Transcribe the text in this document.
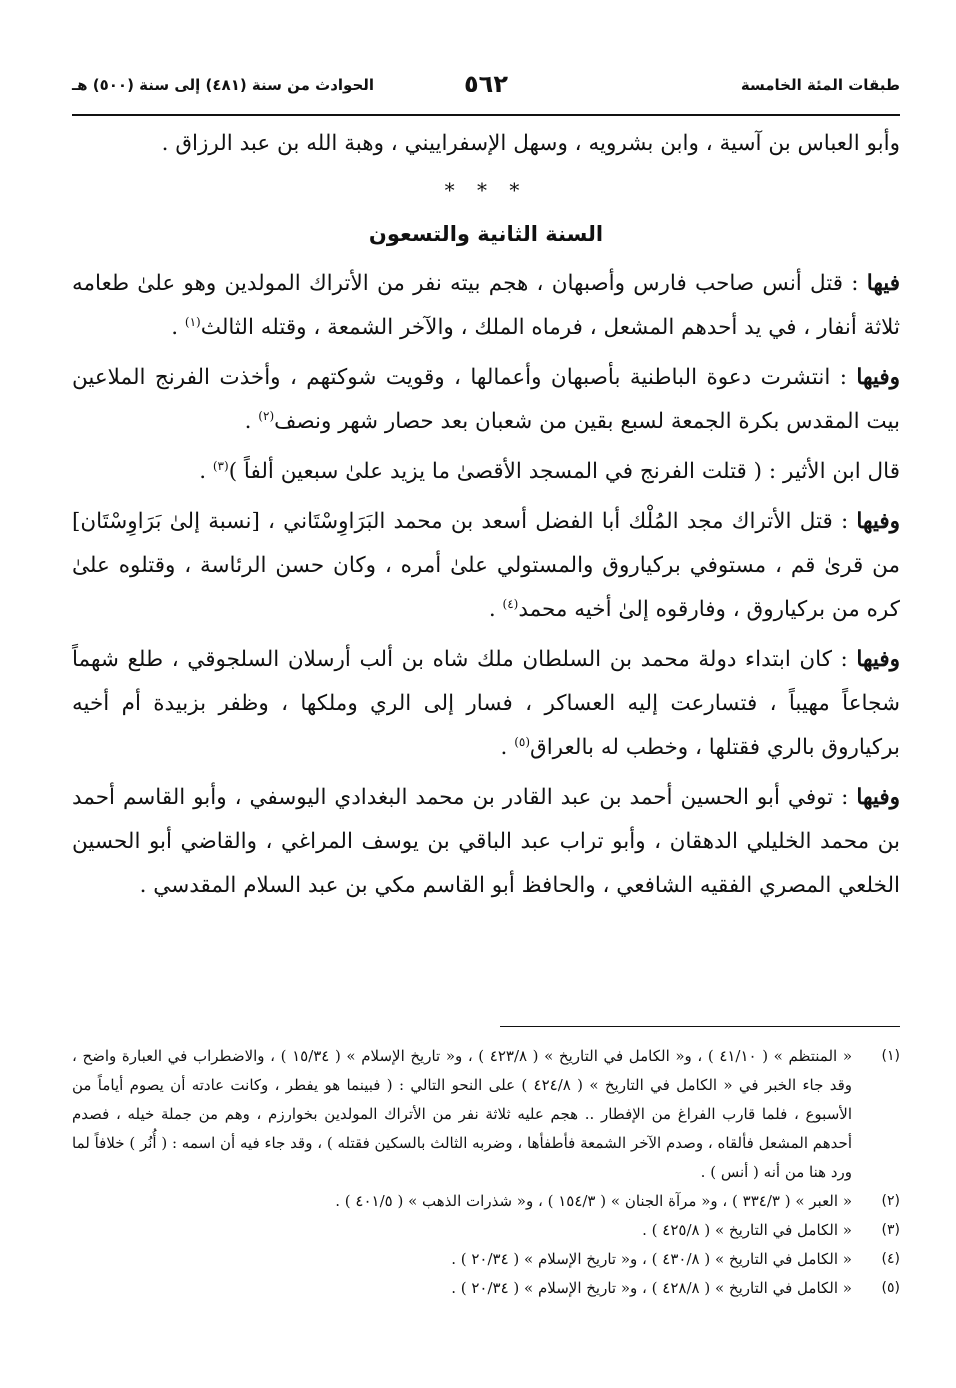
طبقات المئة الخامسة
٥٦٢
الحوادث من سنة (٤٨١) إلى سنة (٥٠٠) هـ

وأبو العباس بن آسية ، وابن بشرويه ، وسهل الإسفراييني ، وهبة الله بن عبد الرزاق .

* * *
السنة الثانية والتسعون

فيها : قتل أنس صاحب فارس وأصبهان ، هجم بيته نفر من الأتراك المولدين وهو علىٰ طعامه ثلاثة أنفار ، في يد أحدهم المشعل ، فرماه الملك ، والآخر الشمعة ، وقتله الثالث$^{(١)}$ .

وفيها : انتشرت دعوة الباطنية بأصبهان وأعمالها ، وقويت شوكتهم ، وأخذت الفرنج الملاعين بيت المقدس بكرة الجمعة لسبع بقين من شعبان بعد حصار شهر ونصف$^{(٢)}$ .

قال ابن الأثير : ( قتلت الفرنج في المسجد الأقصىٰ ما يزيد علىٰ سبعين ألفاً )$^{(٣)}$ .

وفيها : قتل الأتراك مجد المُلْك أبا الفضل أسعد بن محمد البَرَاوِسْتَاني ، [نسبة إلىٰ بَرَاوِسْتَان] من قرىٰ قم ، مستوفي بركياروق والمستولي علىٰ أمره ، وكان حسن الرئاسة ، وقتلوه علىٰ كره من بركياروق ، وفارقوه إلىٰ أخيه محمد$^{(٤)}$ .

وفيها : كان ابتداء دولة محمد بن السلطان ملك شاه بن ألب أرسلان السلجوقي ، طلع شهماً شجاعاً مهيباً ، فتسارعت إليه العساكر ، فسار إلى الري وملكها ، وظفر بزبيدة أم أخيه بركياروق بالري فقتلها ، وخطب له بالعراق$^{(٥)}$ .

وفيها : توفي أبو الحسين أحمد بن عبد القادر بن محمد البغدادي اليوسفي ، وأبو القاسم أحمد بن محمد الخليلي الدهقان ، وأبو تراب عبد الباقي بن يوسف المراغي ، والقاضي أبو الحسين الخلعي المصري الفقيه الشافعي ، والحافظ أبو القاسم مكي بن عبد السلام المقدسي .

(١)
« المنتظم » ( ٤١/١٠ ) ، و« الكامل في التاريخ » ( ٤٢٣/٨ ) ، و« تاريخ الإسلام » ( ١٥/٣٤ ) ، والاضطراب في العبارة واضح ، وقد جاء الخبر في « الكامل في التاريخ » ( ٤٢٤/٨ ) على النحو التالي : ( فبينما هو يفطر ، وكانت عادته أن يصوم أياماً من الأسبوع ، فلما قارب الفراغ من الإفطار .. هجم عليه ثلاثة نفر من الأتراك المولدين بخوارزم ، وهم من جملة خيله ، فصدم أحدهم المشعل فألقاه ، وصدم الآخر الشمعة فأطفأها ، وضربه الثالث بالسكين فقتله ) ، وقد جاء فيه أن اسمه : ( أُنُر ) خلافاً لما ورد هنا من أنه ( أنس ) .
(٢)
« العبر » ( ٣٣٤/٣ ) ، و« مرآة الجنان » ( ١٥٤/٣ ) ، و« شذرات الذهب » ( ٤٠١/٥ ) .
(٣)
« الكامل في التاريخ » ( ٤٢٥/٨ ) .
(٤)
« الكامل في التاريخ » ( ٤٣٠/٨ ) ، و« تاريخ الإسلام » ( ٢٠/٣٤ ) .
(٥)
« الكامل في التاريخ » ( ٤٢٨/٨ ) ، و« تاريخ الإسلام » ( ٢٠/٣٤ ) .
